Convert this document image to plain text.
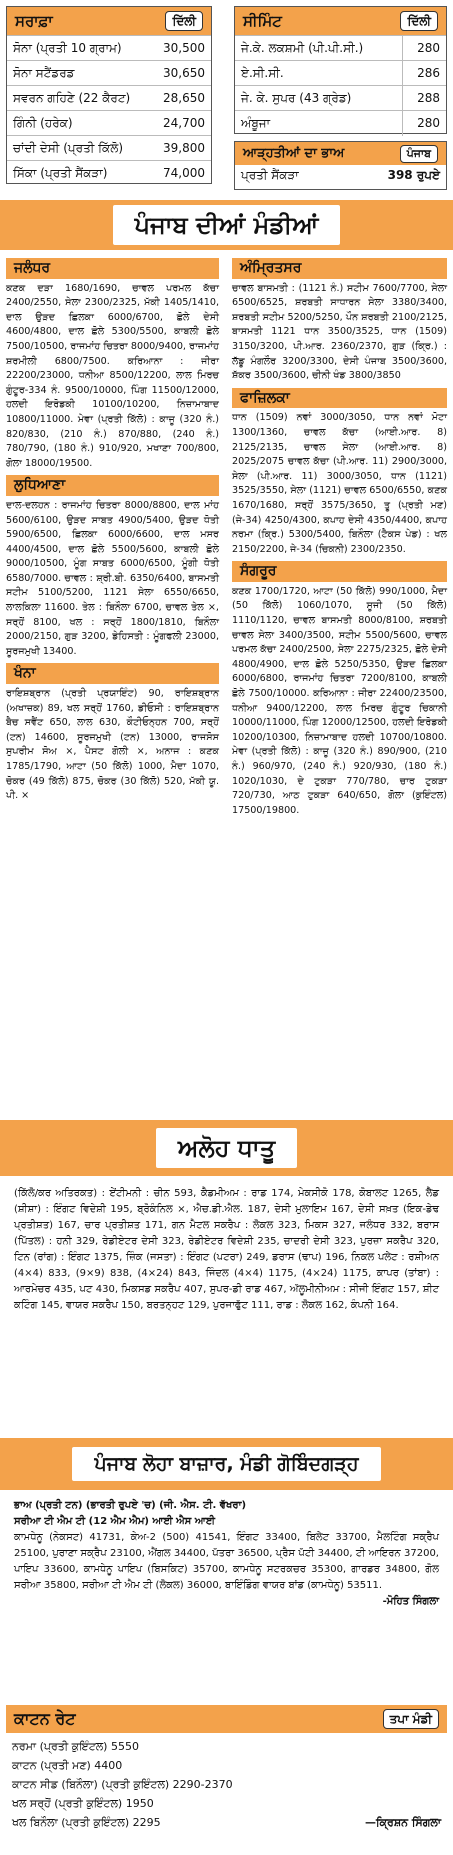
ਸਰਾਫ਼ਾ	ਦਿੱਲੀ
ਸੋਨਾ (ਪ੍ਰਤੀ 10 ਗ੍ਰਾਮ)	30,500
ਸੋਨਾ ਸਟੈਂਡਰਡ	30,650
ਸਵਰਨ ਗਹਿਣੇ (22 ਕੈਰਟ)	28,650
ਗਿੰਨੀ (ਹਰੇਕ)	24,700
ਚਾਂਦੀ ਦੇਸੀ (ਪ੍ਰਤੀ ਕਿੱਲੋ)	39,800
ਸਿੱਕਾ (ਪ੍ਰਤੀ ਸੈਂਕੜਾ)	74,000
ਸੀਮਿੰਟ	ਦਿੱਲੀ
ਜੇ.ਕੇ. ਲਕਸ਼ਮੀ (ਪੀ.ਪੀ.ਸੀ.)	280
ਏ.ਸੀ.ਸੀ.	286
ਜੇ. ਕੇ. ਸੁਪਰ (43 ਗ੍ਰੇਡ)	288
ਅੰਬੂਜਾ	280
ਆੜ੍ਹਤੀਆਂ ਦਾ ਭਾਅ	ਪੰਜਾਬ
ਪ੍ਰਤੀ ਸੈਂਕੜਾ	398 ਰੁਪਏ
ਪੰਜਾਬ ਦੀਆਂ ਮੰਡੀਆਂ
ਜਲੰਧਰ
ਕਣਕ ਦੜਾ 1680/1690, ਚਾਵਲ ਪਰਮਲ ਕੱਚਾ 2400/2550, ਸੇਲਾ 2300/2325, ਮੱਕੀ 1405/1410, ਦਾਲ ਉੜਦ ਛਿਲਕਾ 6000/6700, ਛੋਲੇ ਦੇਸੀ 4600/4800, ਦਾਲ ਛੋਲੇ 5300/5500, ਕਾਬਲੀ ਛੋਲੇ 7500/10500, ਰਾਜਮਾਂਹ ਚਿਤਰਾ 8000/9400, ਰਾਜਮਾਂਹ ਸ਼ਰਮੀਲੀ 6800/7500. ਕਰਿਆਨਾ : ਜੀਰਾ 22200/23000, ਧਨੀਆ 8500/12200, ਲਾਲ ਮਿਰਚ ਗੁੰਟੂਰ-334 ਨੰ. 9500/10000, ਪਿੰਗ 11500/12000, ਹਲਦੀ ਇਰੋਡਕੀ 10100/10200, ਨਿਜ਼ਾਮਾਬਾਦ 10800/11000. ਮੇਵਾ (ਪ੍ਰਤੀ ਕਿੱਲੋ) : ਕਾਜੂ (320 ਨੰ.) 820/830, (210 ਨੰ.) 870/880, (240 ਨੰ.) 780/790, (180 ਨੰ.) 910/920, ਮਖਾਣਾ 700/800, ਗੋਲਾ 18000/19500.
ਲੁਧਿਆਣਾ
ਦਾਲ-ਦਲਹਨ : ਰਾਜਮਾਂਹ ਚਿਤਰਾ 8000/8800, ਦਾਲ ਮਾਂਹ 5600/6100, ਉੜਦ ਸਾਬਤ 4900/5400, ਉੜਦ ਧੋਤੀ 5900/6500, ਛਿਲਕਾ 6000/6600, ਦਾਲ ਮਸਰ 4400/4500, ਦਾਲ ਛੋਲੇ 5500/5600, ਕਾਬਲੀ ਛੋਲੇ 9000/10500, ਮੂੰਗ ਸਾਬਤ 6000/6500, ਮੂੰਗੀ ਧੋਤੀ 6580/7000. ਚਾਵਲ : ਸ਼੍ਰੀ.ਬੀ. 6350/6400, ਬਾਸਮਤੀ ਸਟੀਮ 5100/5200, 1121 ਸੇਲਾ 6550/6650, ਲਾਲਕਿਲਾ 11600. ਤੇਲ : ਬਿਨੌਲਾ 6700, ਚਾਵਲ ਤੇਲ ×, ਸਰ੍ਹੋਂ 8100, ਖਲ : ਸਰ੍ਹੋਂ 1800/1810, ਬਿਨੌਲਾ 2000/2150, ਗੁੜ 3200, ਡੇਹਿਸਤੀ : ਮੂੰਗਫਲੀ 23000, ਸੂਰਜਮੁਖੀ 13400.
ਖੰਨਾ
ਰਾਇਸ਼ਬ੍ਰਾਨ (ਪ੍ਰਤੀ ਪ੍ਰਯਾਇੰਟ) 90, ਰਾਇਸ਼ਬ੍ਰਾਨ (ਅਖਾਜ਼ਕ) 89, ਖਲ ਸਰ੍ਹੋਂ 1760, ਡੀਓਸੀ : ਰਾਇਸ਼ਬ੍ਰਾਨ ਬੈਚ ਸਵੈਂਟ 650, ਲਾਲ 630, ਕੌਟੀਓਨ੍ਹਨ 700, ਸਰ੍ਹੋਂ (ਟਨ) 14600, ਸੂਰਜਮੁਖੀ (ਟਨ) 13000, ਰਾਜਸੋਸ ਸੁਪਰੀਮ ਸੋਅ ×, ਪੈਸਟ ਗੋਲੀ ×, ਅਨਾਜ : ਕਣਕ 1785/1790, ਆਟਾ (50 ਕਿੱਲੋ) 1000, ਮੈਦਾ 1070, ਚੋਕਰ (49 ਕਿੱਲੋ) 875, ਚੋਕਰ (30 ਕਿੱਲੋ) 520, ਮੱਕੀ ਯੂ. ਪੀ. ×
ਅੰਮ੍ਰਿਤਸਰ
ਚਾਵਲ ਬਾਸਮਤੀ : (1121 ਨੰ.) ਸਟੀਮ 7600/7700, ਸੇਲਾ 6500/6525, ਸ਼ਰਬਤੀ ਸਾਧਾਰਨ ਸੇਲਾ 3380/3400, ਸ਼ਰਬਤੀ ਸਟੀਮ 5200/5250, ਪੌਨ ਸ਼ਰਬਤੀ 2100/2125, ਬਾਸਮਤੀ 1121 ਧਾਨ 3500/3525, ਧਾਨ (1509) 3150/3200, ਪੀ.ਆਰ. 2360/2370, ਗੁੜ (ਕ੍ਰਿ.) : ਲੱਡੂ ਮੰਗਲੌਰ 3200/3300, ਦੇਸੀ ਪੰਜਾਬ 3500/3600, ਸ਼ੱਕਰ 3500/3600, ਚੀਨੀ ਖੰਡ 3800/3850
ਫਾਜ਼ਿਲਕਾ
ਧਾਨ (1509) ਨਵਾਂ 3000/3050, ਧਾਨ ਨਵਾਂ ਮੋਟਾ 1300/1360, ਚਾਵਲ ਕੱਚਾ (ਆਈ.ਆਰ. 8) 2125/2135, ਚਾਵਲ ਸੇਲਾ (ਆਈ.ਆਰ. 8) 2025/2075 ਚਾਵਲ ਕੱਚਾ (ਪੀ.ਆਰ. 11) 2900/3000, ਸੇਲਾ (ਪੀ.ਆਰ. 11) 3000/3050, ਧਾਨ (1121) 3525/3550, ਸੇਲਾ (1121) ਚਾਵਲ 6500/6550, ਕਣਕ 1670/1680, ਸਰ੍ਹੋਂ 3575/3650, ਤੂ (ਪ੍ਰਤੀ ਮਣ) (ਜੇ-34) 4250/4300, ਕਪਾਹ ਦੇਸੀ 4350/4400, ਕਪਾਹ ਨਰਮਾ (ਕ੍ਰਿ.) 5300/5400, ਬਿਨੌਲਾ (ਟੈਕਸ ਪੇਡ) : ਖਲ 2150/2200, ਜੇ-34 (ਚਿਕਨੀ) 2300/2350.
ਸੰਗਰੂਰ
ਕਣਕ 1700/1720, ਆਟਾ (50 ਕਿੱਲੋ) 990/1000, ਮੈਦਾ (50 ਕਿੱਲੋ) 1060/1070, ਸੂਜੀ (50 ਕਿੱਲੋ) 1110/1120, ਚਾਵਲ ਬਾਸਮਤੀ 8000/8100, ਸ਼ਰਬਤੀ ਚਾਵਲ ਸੇਲਾ 3400/3500, ਸਟੀਮ 5500/5600, ਚਾਵਲ ਪਰਮਲ ਕੱਚਾ 2400/2500, ਸੇਲਾ 2275/2325, ਛੋਲੇ ਦੇਸੀ 4800/4900, ਦਾਲ ਛੋਲੇ 5250/5350, ਉੜਦ ਛਿਲਕਾ 6000/6800, ਰਾਜਮਾਂਹ ਚਿਤਰਾ 7200/8100, ਕਾਬਲੀ ਛੋਲੇ 7500/10000. ਕਰਿਆਨਾ : ਜੀਰਾ 22400/23500, ਧਨੀਆ 9400/12200, ਲਾਲ ਮਿਰਚ ਗੁੰਟੂਰ ਚਿਕਾਨੀ 10000/11000, ਪਿੰਗ 12000/12500, ਹਲਦੀ ਇਰੋਡਕੀ 10200/10300, ਨਿਜ਼ਾਮਾਬਾਦ ਹਲਦੀ 10700/10800. ਮੇਵਾ (ਪ੍ਰਤੀ ਕਿੱਲੋ) : ਕਾਜੂ (320 ਨੰ.) 890/900, (210 ਨੰ.) 960/970, (240 ਨੰ.) 920/930, (180 ਨੰ.) 1020/1030, ਦੇ ਟੁਕੜਾ 770/780, ਚਾਰ ਟੁਕੜਾ 720/730, ਆਠ ਟੁਕੜਾ 640/650, ਗੋਲਾ (ਕੁਇੰਟਲ) 17500/19800.
ਅਲੋਹ ਧਾਤੂ
(ਕਿੱਲੋ/ਕਰ ਅਤਿਰਕਤ) : ਏਂਟੀਮਨੀ : ਚੀਨ 593, ਕੈਡਮੀਅਮ : ਰਾਡ 174, ਮੇਕਸੀਕੋ 178, ਕੋਬਾਲਟ 1265, ਲੈਡ (ਸ਼ੀਸ਼ਾ) : ਇੰਗਟ ਵਿਦੇਸ਼ੀ 195, ਬ੍ਰੋਕੰਨਿਲ ×, ਐਚ.ਡੀ.ਐਲ. 187, ਦੇਸੀ ਮੁਲਾਇਮ 167, ਦੇਸੀ ਸਖ਼ਤ (ਇਕ-ਡੇਢ ਪ੍ਰਤੀਸ਼ਤ) 167, ਚਾਰ ਪ੍ਰਤੀਸ਼ਤ 171, ਗਨ ਮੈਟਲ ਸਕਰੈਪ : ਲੋਕਲ 323, ਮਿਕਸ 327, ਜਲੰਧਰ 332, ਬਰਾਸ (ਪਿੱਤਲ) : ਹਨੀ 329, ਰੇਡੀਏਟਰ ਦੇਸੀ 323, ਰੇਡੀਏਟਰ ਵਿਦੇਸ਼ੀ 235, ਚਾਦਰੀ ਦੇਸੀ 323, ਪੁਰਜ਼ਾ ਸਕਰੈਪ 320, ਟਿਨ (ਰਾਂਗ) : ਇੰਗਟ 1375, ਜ਼ਿੰਕ (ਜਸਤਾ) : ਇੰਗਟ (ਪਟਰਾ) 249, ਡਰਾਸ (ਢਾਪ) 196, ਨਿਕਲ ਪਲੇਟ : ਰਸ਼ੀਅਨ (4×4) 833, (9×9) 838, (4×24) 843, ਜਿੰਦਲ (4×4) 1175, (4×24) 1175, ਕਾਪਰ (ਤਾਂਬਾ) : ਆਰਮੇਚਰ 435, ਪਟ 430, ਮਿਕਸਡ ਸਕਰੈਪ 407, ਸੁਪਰ-ਡੀ ਰਾਡ 467, ਅੱਲੂਮੀਨੀਅਮ : ਸੀਜੀ ਇੰਗਟ 157, ਸ਼ੀਟ ਕਟਿੰਗ 145, ਵਾਯਰ ਸਕਰੈਪ 150, ਬਰਤਨ੍ਹਟ 129, ਪੁਰਜਾਫੁੱਟ 111, ਰਾਡ : ਲੋਕਲ 162, ਕੰਪਨੀ 164.
ਪੰਜਾਬ ਲੋਹਾ ਬਾਜ਼ਾਰ, ਮੰਡੀ ਗੋਬਿੰਦਗੜ੍ਹ
ਭਾਅ (ਪ੍ਰਤੀ ਟਨ) (ਭਾਰਤੀ ਰੁਪਏ 'ਚ) (ਜੀ. ਐਸ. ਟੀ. ਵੱਖਰਾ)
ਸਰੀਆ ਟੀ ਐਮ ਟੀ (12 ਐਮ ਐਮ) ਆਈ ਐਸ ਆਈ
ਕਾਮਧੇਨੂ (ਨੇਕਸਟ) 41731, ਕੇਅ-2 (500) 41541, ਇੰਗਟ 33400, ਬਿਲੇਟ 33700, ਮੈਲਟਿੰਗ ਸਕ੍ਰੈਪ 25100, ਪੁਰਾਣਾ ਸਕ੍ਰੈਪ 23100, ਐਂਗਲ 34400, ਪੱਤਰਾ 36500, ਪ੍ਰੈਸ ਪੱਟੀ 34400, ਟੀ ਆਇਰਨ 37200, ਪਾਇਪ 33600, ਕਾਮਧੇਨੂ ਪਾਇਪ (ਬਿਸਕਿਟ) 35700, ਕਾਮਧੇਨੂ ਸਟਰਕਚਰ 35300, ਗਾਰਡਰ 34800, ਗੋਲ ਸਰੀਆ 35800, ਸਰੀਆ ਟੀ ਐਮ ਟੀ (ਲੋਕਲ) 36000, ਬਾਇੰਡਿੰਗ ਵਾਯਰ ਬਾਂਡ (ਕਾਮਧੇਨੂ) 53511.
-ਮੋਹਿਤ ਸਿੰਗਲਾ
ਕਾਟਨ ਰੇਟ	ਤਪਾ ਮੰਡੀ
ਨਰਮਾ (ਪ੍ਰਤੀ ਕੁਇੰਟਲ) 5550
ਕਾਟਨ (ਪ੍ਰਤੀ ਮਣ) 4400
ਕਾਟਨ ਸੀਡ (ਬਿਨੌਲਾ) (ਪ੍ਰਤੀ ਕੁਇੰਟਲ) 2290-2370
ਖਲ ਸਰ੍ਹੋਂ (ਪ੍ਰਤੀ ਕੁਇੰਟਲ) 1950
ਖਲ ਬਿਨੌਲਾ (ਪ੍ਰਤੀ ਕੁਇੰਟਲ) 2295	—ਕ੍ਰਿਸ਼ਨ ਸਿੰਗਲਾ
